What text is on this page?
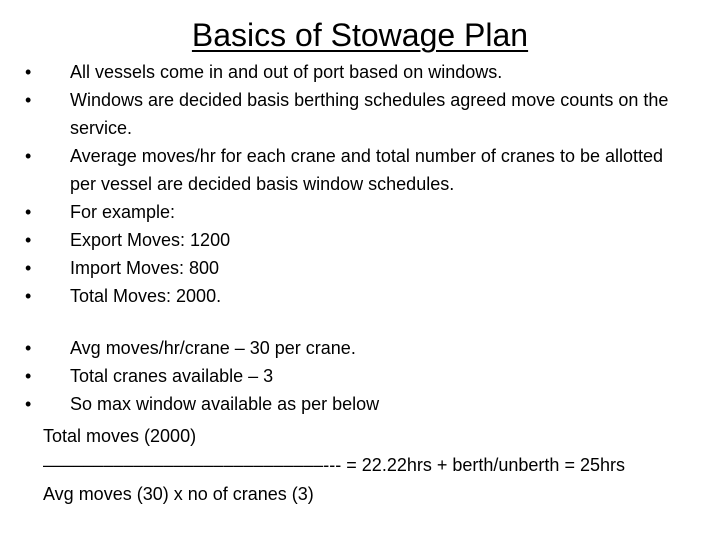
Basics of Stowage Plan
• All vessels come in and out of port based on windows.
• Windows are decided basis berthing schedules agreed move counts on the service.
• Average moves/hr for each crane and total number of cranes to be allotted per vessel are decided basis window schedules.
• For example:
• Export Moves: 1200
• Import Moves: 800
• Total Moves: 2000.
• Avg moves/hr/crane – 30 per crane.
• Total cranes available – 3
• So max window available as per below
Total moves (2000)
––––––––––––––––––––––––––––--- = 22.22hrs + berth/unberth = 25hrs
Avg moves (30) x no of cranes (3)
